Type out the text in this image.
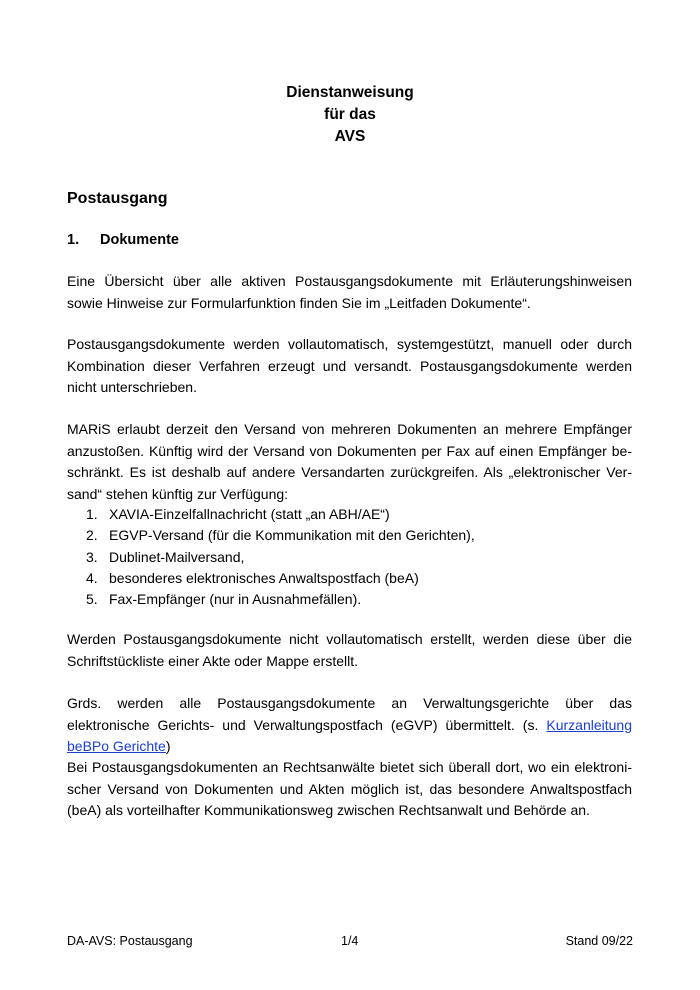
Dienstanweisung
für das
AVS
Postausgang
1. Dokumente

Eine Übersicht über alle aktiven Postausgangsdokumente mit Erläuterungshinweisen sowie Hinweise zur Formularfunktion finden Sie im „Leitfaden Dokumente“.

Postausgangsdokumente werden vollautomatisch, systemgestützt, manuell oder durch Kombination dieser Verfahren erzeugt und versandt. Postausgangsdokumente werden nicht unterschrieben.

MARiS erlaubt derzeit den Versand von mehreren Dokumenten an mehrere Empfänger anzustoßen. Künftig wird der Versand von Dokumenten per Fax auf einen Empfänger beschränkt. Es ist deshalb auf andere Versandarten zurückgreifen. Als „elektronischer Versand“ stehen künftig zur Verfügung:

1. XAVIA-Einzelfallnachricht (statt „an ABH/AE“)
2. EGVP-Versand (für die Kommunikation mit den Gerichten),
3. Dublinet-Mailversand,
4. besonderes elektronisches Anwaltspostfach (beA)
5. Fax-Empfänger (nur in Ausnahmefällen).

Werden Postausgangsdokumente nicht vollautomatisch erstellt, werden diese über die Schriftstückliste einer Akte oder Mappe erstellt.

Grds. werden alle Postausgangsdokumente an Verwaltungsgerichte über das elektronische Gerichts- und Verwaltungspostfach (eGVP) übermittelt. (s. Kurzanleitung beBPo Gerichte)

Bei Postausgangsdokumenten an Rechtsanwälte bietet sich überall dort, wo ein elektronischer Versand von Dokumenten und Akten möglich ist, das besondere Anwaltspostfach (beA) als vorteilhafter Kommunikationsweg zwischen Rechtsanwalt und Behörde an.

DA-AVS: Postausgang	1/4	Stand 09/22
